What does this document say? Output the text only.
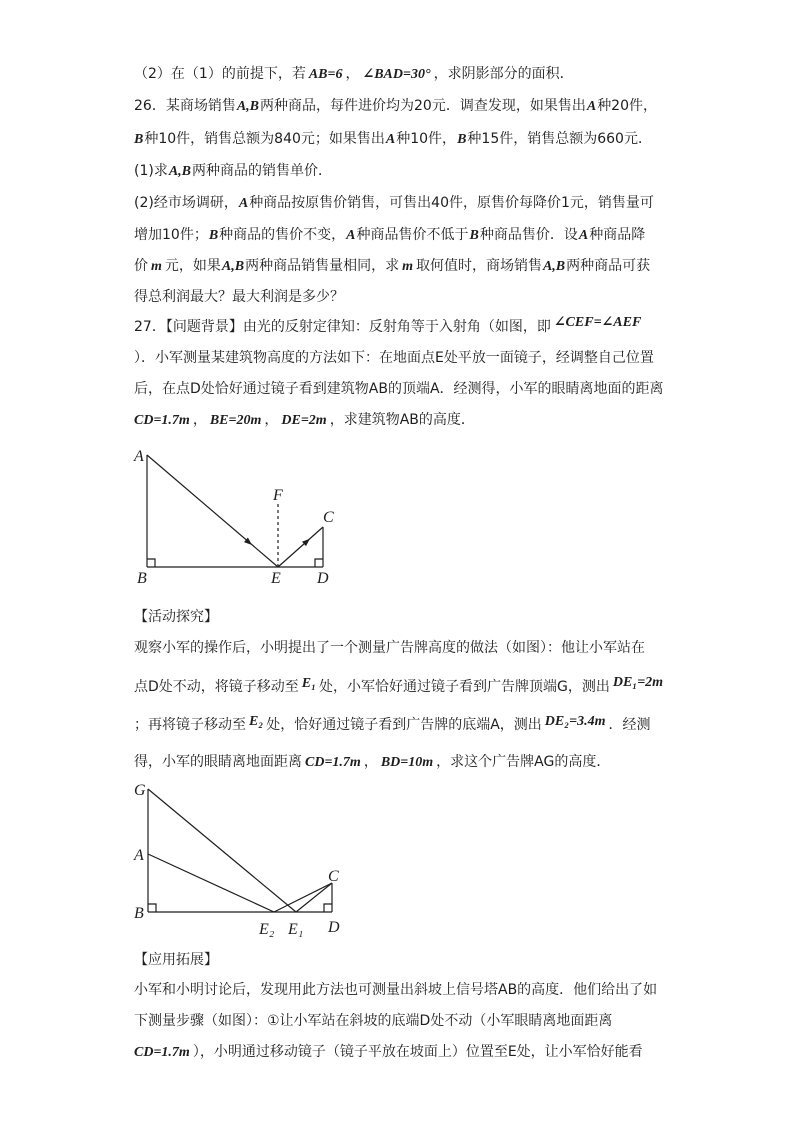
（2）在（1）的前提下，若 AB=6 ， ∠BAD=30° ，求阴影部分的面积．
26．某商场销售A,B两种商品，每件进价均为20元．调查发现，如果售出A种20件，
B种10件，销售总额为840元；如果售出A种10件，B种15件，销售总额为660元．
(1)求A,B两种商品的销售单价．
(2)经市场调研，A种商品按原售价销售，可售出40件，原售价每降价1元，销售量可
增加10件；B种商品的售价不变，A种商品售价不低于B种商品售价．设A种商品降
价 m 元，如果A,B两种商品销售量相同，求 m 取何值时，商场销售A,B两种商品可获
得总利润最大？最大利润是多少？
27．【问题背景】由光的反射定律知：反射角等于入射角（如图，即 ∠CEF=∠AEF
）．小军测量某建筑物高度的方法如下：在地面点E处平放一面镜子，经调整自己位置
后，在点D处恰好通过镜子看到建筑物AB的顶端A．经测得，小军的眼睛离地面的距离
CD=1.7m ， BE=20m ， DE=2m ，求建筑物AB的高度．
A
B
F
E D
C
【活动探究】
观察小军的操作后，小明提出了一个测量广告牌高度的做法（如图）：他让小军站在
点D处不动，将镜子移动至 E₁ 处，小军恰好通过镜子看到广告牌顶端G，测出 DE₁=2m
；再将镜子移动至 E₂ 处，恰好通过镜子看到广告牌的底端A，测出 DE₂=3.4m ．经测
得，小军的眼睛离地面距离 CD=1.7m ， BD=10m ，求这个广告牌AG的高度．
G
A
B
C
D
E₂ E₁
【应用拓展】
小军和小明讨论后，发现用此方法也可测量出斜坡上信号塔AB的高度．他们给出了如
下测量步骤（如图）：①让小军站在斜坡的底端D处不动（小军眼睛离地面距离
CD=1.7m ），小明通过移动镜子（镜子平放在坡面上）位置至E处，让小军恰好能看
